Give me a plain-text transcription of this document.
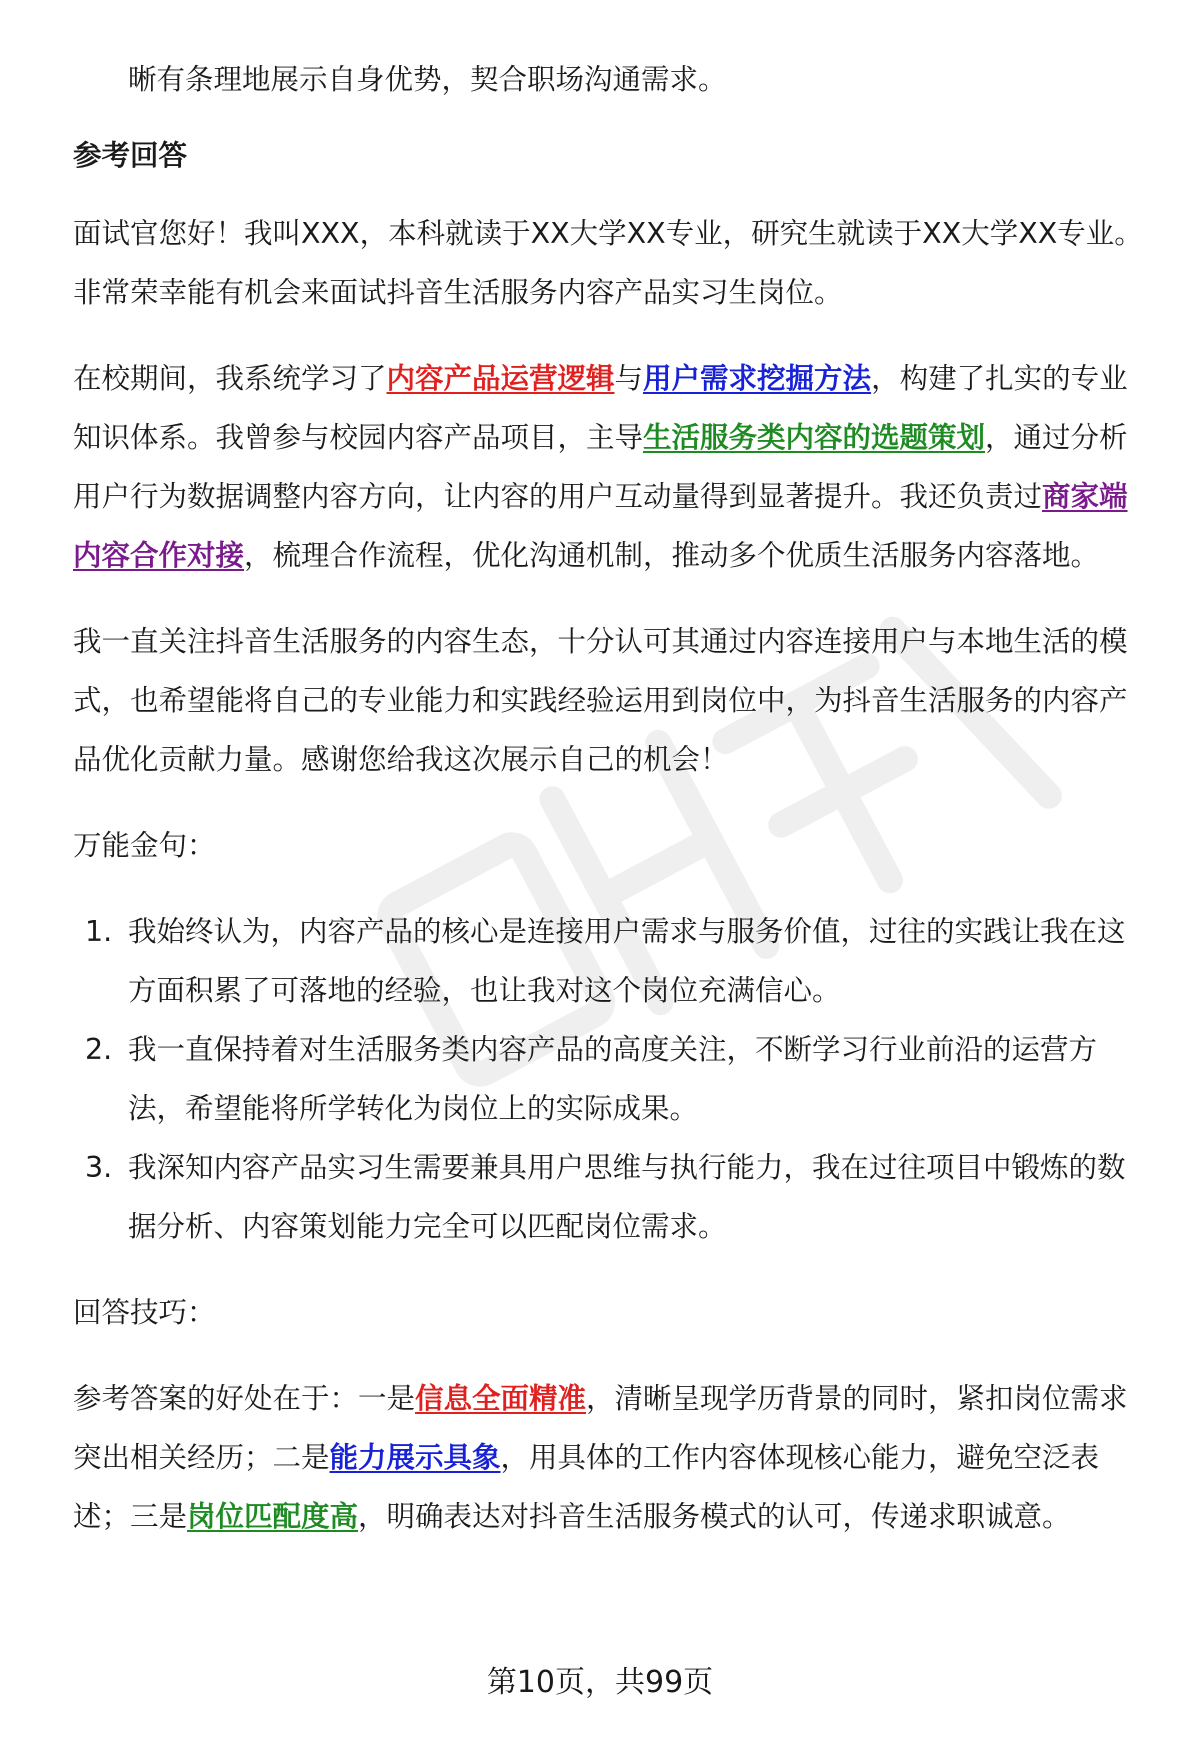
晰有条理地展示自身优势，契合职场沟通需求。

参考回答

面试官您好！我叫XXX，本科就读于XX大学XX专业，研究生就读于XX大学XX专业。非常荣幸能有机会来面试抖音生活服务内容产品实习生岗位。

在校期间，我系统学习了内容产品运营逻辑与用户需求挖掘方法，构建了扎实的专业知识体系。我曾参与校园内容产品项目，主导生活服务类内容的选题策划，通过分析用户行为数据调整内容方向，让内容的用户互动量得到显著提升。我还负责过商家端内容合作对接，梳理合作流程，优化沟通机制，推动多个优质生活服务内容落地。

我一直关注抖音生活服务的内容生态，十分认可其通过内容连接用户与本地生活的模式，也希望能将自己的专业能力和实践经验运用到岗位中，为抖音生活服务的内容产品优化贡献力量。感谢您给我这次展示自己的机会！

万能金句：

1. 我始终认为，内容产品的核心是连接用户需求与服务价值，过往的实践让我在这方面积累了可落地的经验，也让我对这个岗位充满信心。
2. 我一直保持着对生活服务类内容产品的高度关注，不断学习行业前沿的运营方法，希望能将所学转化为岗位上的实际成果。
3. 我深知内容产品实习生需要兼具用户思维与执行能力，我在过往项目中锻炼的数据分析、内容策划能力完全可以匹配岗位需求。

回答技巧：

参考答案的好处在于：一是信息全面精准，清晰呈现学历背景的同时，紧扣岗位需求突出相关经历；二是能力展示具象，用具体的工作内容体现核心能力，避免空泛表述；三是岗位匹配度高，明确表达对抖音生活服务模式的认可，传递求职诚意。

第10页，共99页
